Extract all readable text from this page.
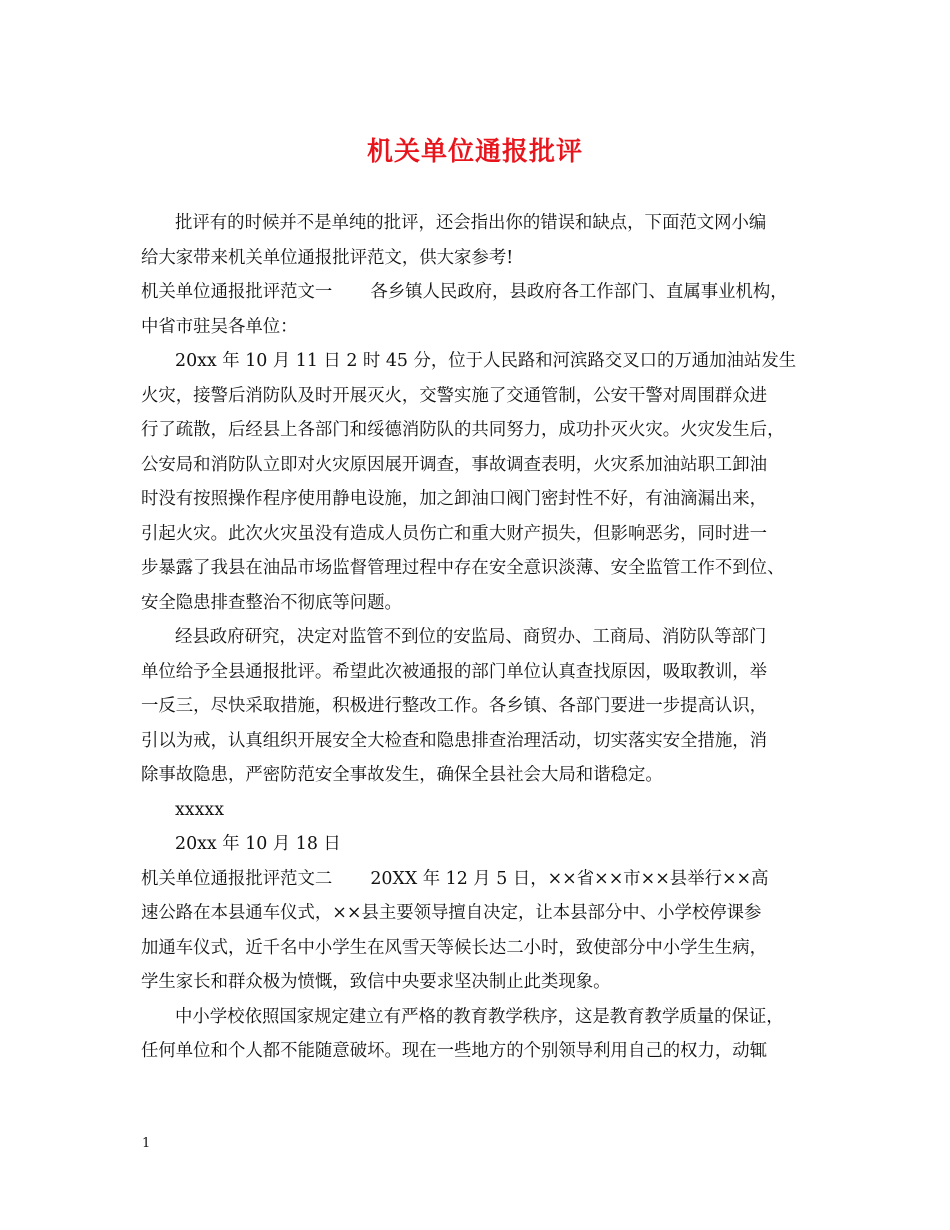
机关单位通报批评

批评有的时候并不是单纯的批评，还会指出你的错误和缺点，下面范文网小编

给大家带来机关单位通报批评范文，供大家参考!

机关单位通报批评范文一 各乡镇人民政府，县政府各工作部门、直属事业机构，

中省市驻吴各单位：

20xx 年 10 月 11 日 2 时 45 分，位于人民路和河滨路交叉口的万通加油站发生

火灾，接警后消防队及时开展灭火，交警实施了交通管制，公安干警对周围群众进

行了疏散，后经县上各部门和绥德消防队的共同努力，成功扑灭火灾。火灾发生后，

公安局和消防队立即对火灾原因展开调查，事故调查表明，火灾系加油站职工卸油

时没有按照操作程序使用静电设施，加之卸油口阀门密封性不好，有油滴漏出来，

引起火灾。此次火灾虽没有造成人员伤亡和重大财产损失，但影响恶劣，同时进一

步暴露了我县在油品市场监督管理过程中存在安全意识淡薄、安全监管工作不到位、

安全隐患排查整治不彻底等问题。

经县政府研究，决定对监管不到位的安监局、商贸办、工商局、消防队等部门

单位给予全县通报批评。希望此次被通报的部门单位认真查找原因，吸取教训，举

一反三，尽快采取措施，积极进行整改工作。各乡镇、各部门要进一步提高认识，

引以为戒，认真组织开展安全大检查和隐患排查治理活动，切实落实安全措施，消

除事故隐患，严密防范安全事故发生，确保全县社会大局和谐稳定。

xxxxx

20xx 年 10 月 18 日

机关单位通报批评范文二 20XX 年 12 月 5 日，××省××市××县举行××高

速公路在本县通车仪式，××县主要领导擅自决定，让本县部分中、小学校停课参

加通车仪式，近千名中小学生在风雪天等候长达二小时，致使部分中小学生生病，

学生家长和群众极为愤慨，致信中央要求坚决制止此类现象。

中小学校依照国家规定建立有严格的教育教学秩序，这是教育教学质量的保证，

任何单位和个人都不能随意破坏。现在一些地方的个别领导利用自己的权力，动辄

1
